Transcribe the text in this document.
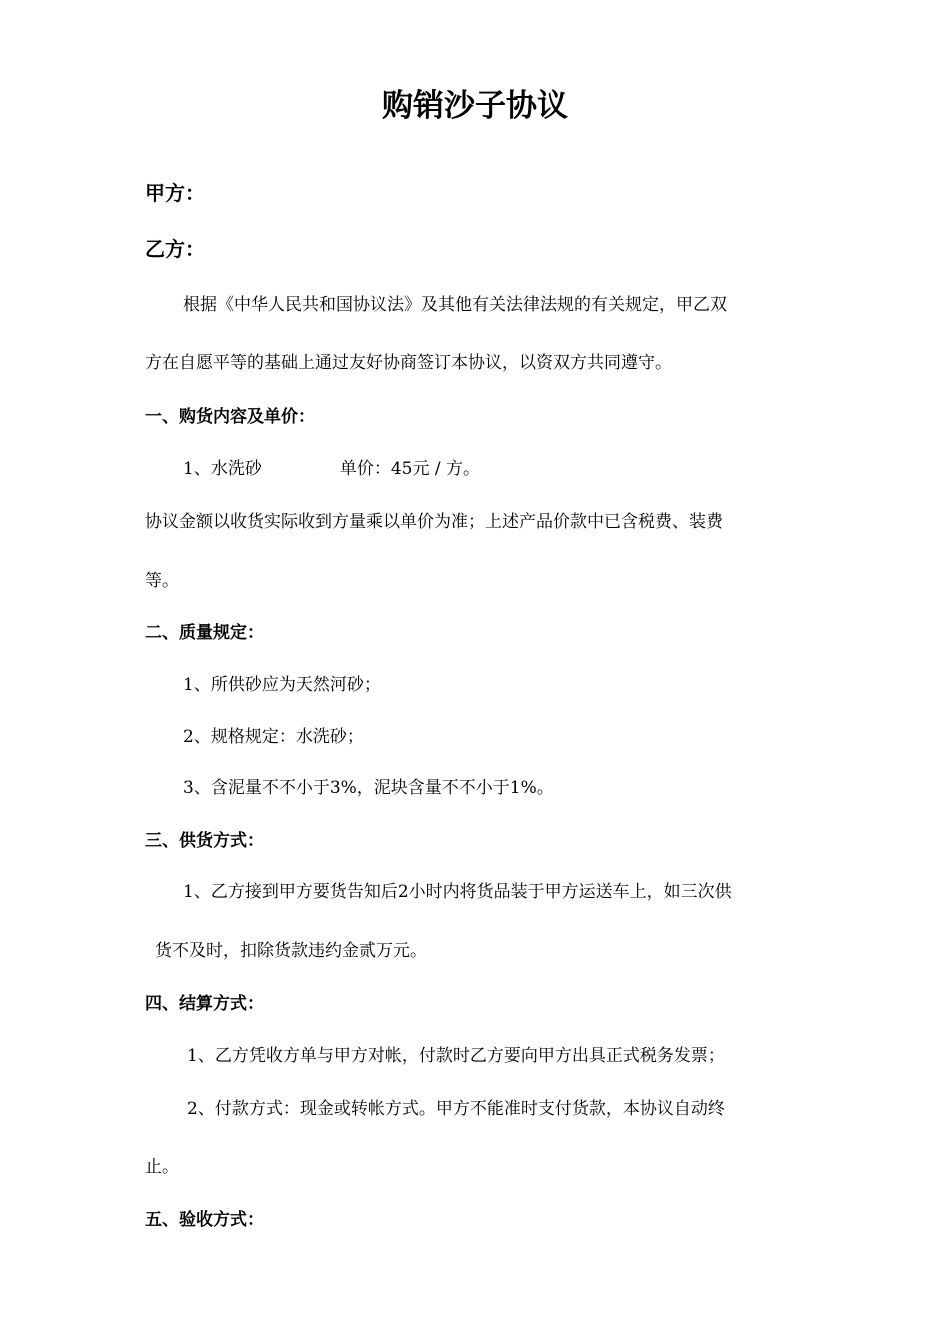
购销沙子协议
甲方：
乙方：
根据《中华人民共和国协议法》及其他有关法律法规的有关规定，甲乙双
方在自愿平等的基础上通过友好协商签订本协议，以资双方共同遵守。
一、购货内容及单价：
1、水洗砂	单价：45元 / 方。
协议金额以收货实际收到方量乘以单价为准；上述产品价款中已含税费、装费
等。
二、质量规定：
1、所供砂应为天然河砂；
2、规格规定：水洗砂；
3、含泥量不不小于3%，泥块含量不不小于1%。
三、供货方式：
1、乙方接到甲方要货告知后2小时内将货品装于甲方运送车上，如三次供
货不及时，扣除货款违约金贰万元。
四、结算方式：
1、乙方凭收方单与甲方对帐，付款时乙方要向甲方出具正式税务发票；
2、付款方式：现金或转帐方式。甲方不能准时支付货款，本协议自动终
止。
五、验收方式：
